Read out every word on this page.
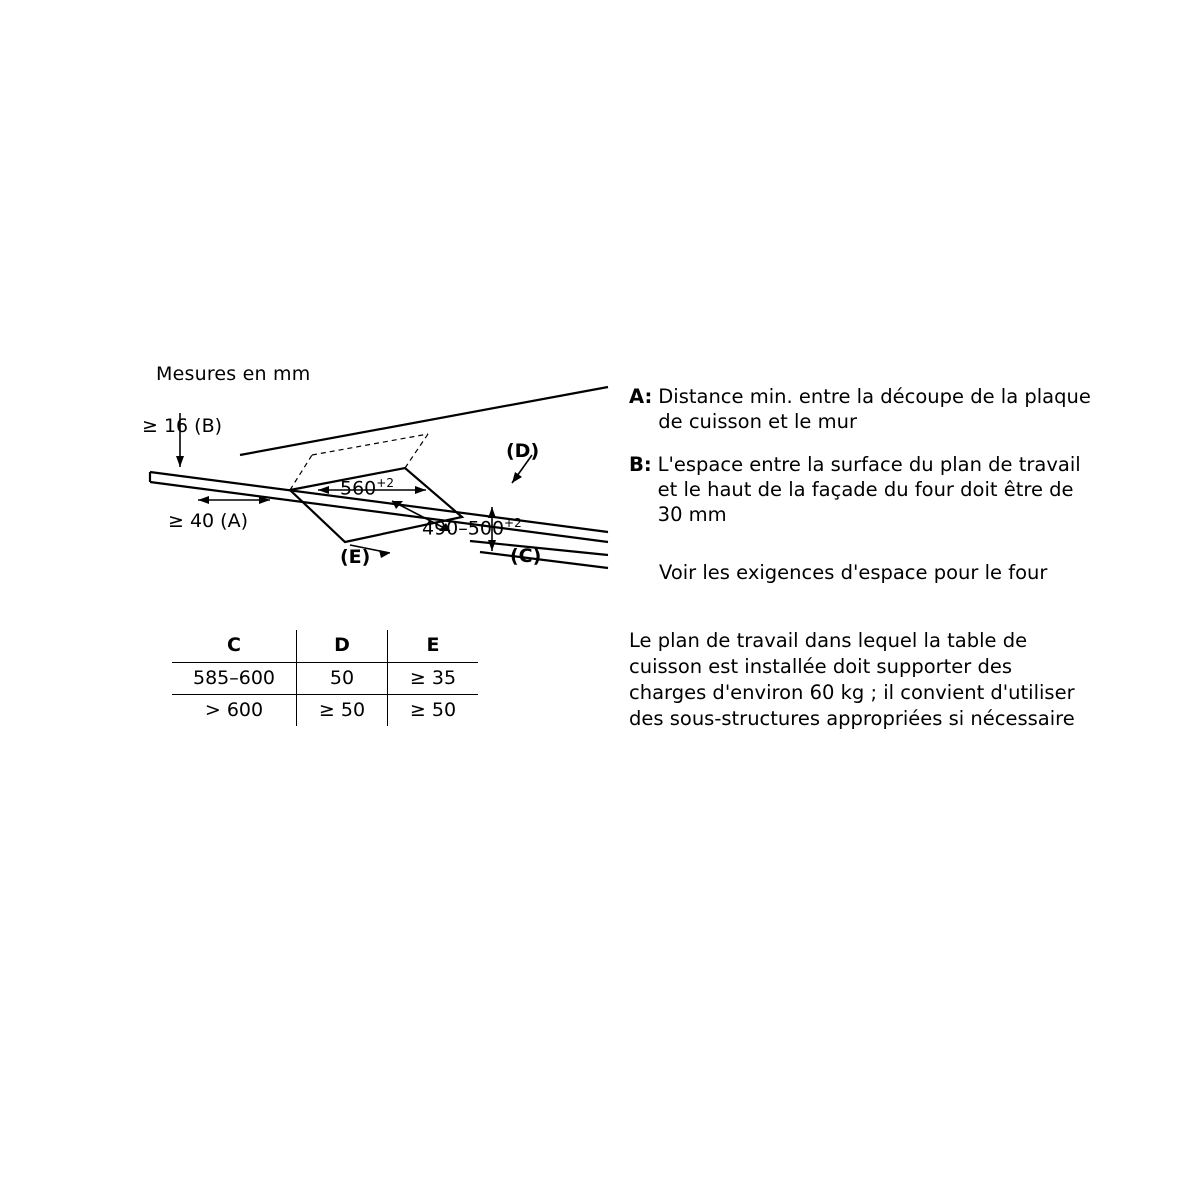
Mesures en mm
≥ 16 (B)
≥ 40 (A)
$560^{+2}$
$490-500^{+2}$
(D)
(C)
(E)
C	D	E
585–600	50	≥ 35
> 600	≥ 50	≥ 50
A: Distance min. entre la découpe de la plaque de cuisson et le mur
B: L'espace entre la surface du plan de travail et le haut de la façade du four doit être de 30 mm
Voir les exigences d'espace pour le four
Le plan de travail dans lequel la table de cuisson est installée doit supporter des charges d'environ 60 kg ; il convient d'utiliser des sous-structures appropriées si nécessaire
